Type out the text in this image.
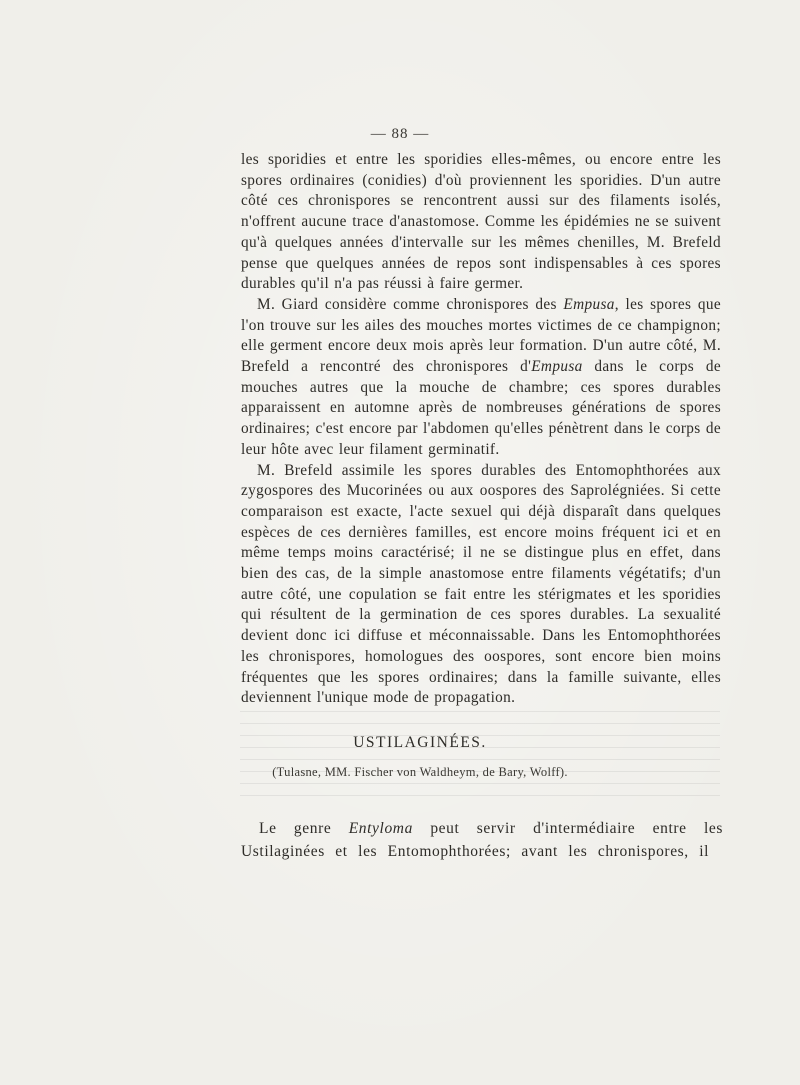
— 88 —

les sporidies et entre les sporidies elles-mêmes, ou encore entre les spores ordinaires (conidies) d'où proviennent les sporidies. D'un autre côté ces chronispores se rencontrent aussi sur des filaments isolés, n'offrent aucune trace d'anastomose. Comme les épidémies ne se suivent qu'à quelques années d'intervalle sur les mêmes chenilles, M. Brefeld pense que quelques années de repos sont indispensables à ces spores durables qu'il n'a pas réussi à faire germer.

M. Giard considère comme chronispores des Empusa, les spores que l'on trouve sur les ailes des mouches mortes victimes de ce champignon; elle germent encore deux mois après leur formation. D'un autre côté, M. Brefeld a rencontré des chronispores d'Empusa dans le corps de mouches autres que la mouche de chambre; ces spores durables apparaissent en automne après de nombreuses générations de spores ordinaires; c'est encore par l'abdomen qu'elles pénètrent dans le corps de leur hôte avec leur filament germinatif.

M. Brefeld assimile les spores durables des Entomophthorées aux zygospores des Mucorinées ou aux oospores des Saprolégniées. Si cette comparaison est exacte, l'acte sexuel qui déjà disparaît dans quelques espèces de ces dernières familles, est encore moins fréquent ici et en même temps moins caractérisé; il ne se distingue plus en effet, dans bien des cas, de la simple anastomose entre filaments végétatifs; d'un autre côté, une copulation se fait entre les stérigmates et les sporidies qui résultent de la germination de ces spores durables. La sexualité devient donc ici diffuse et méconnaissable. Dans les Entomophthorées les chronispores, homologues des oospores, sont encore bien moins fréquentes que les spores ordinaires; dans la famille suivante, elles deviennent l'unique mode de propagation.

USTILAGINÉES.
(Tulasne, MM. Fischer von Waldheym, de Bary, Wolff).

Le genre Entyloma peut servir d'intermédiaire entre les Ustilaginées et les Entomophthorées; avant les chronispores, il
